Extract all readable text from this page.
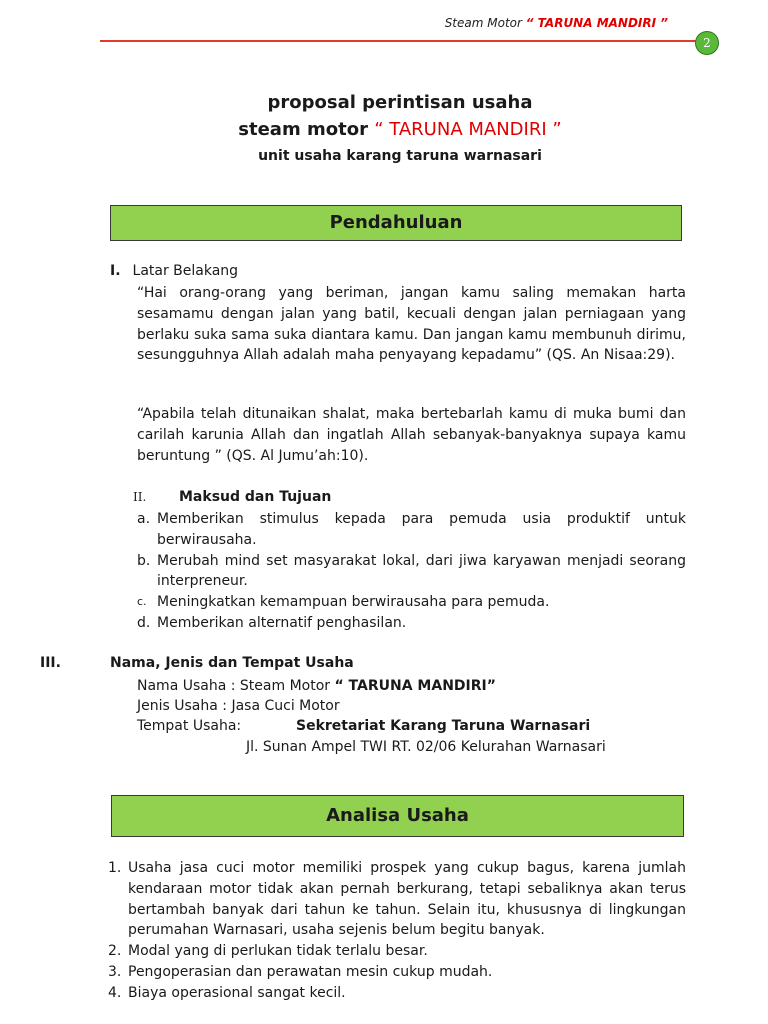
Steam Motor “ TARUNA MANDIRI ”
2
proposal perintisan usaha
steam motor “ TARUNA MANDIRI ”
unit usaha karang taruna warnasari
Pendahuluan
I. Latar Belakang
“Hai orang-orang yang beriman, jangan kamu saling memakan harta sesamamu dengan jalan yang batil, kecuali dengan jalan perniagaan yang berlaku suka sama suka diantara kamu. Dan jangan kamu membunuh dirimu, sesungguhnya Allah adalah maha penyayang kepadamu” (QS. An Nisaa:29).
“Apabila telah ditunaikan shalat, maka bertebarlah kamu di muka bumi dan carilah karunia Allah dan ingatlah Allah sebanyak-banyaknya supaya kamu beruntung ” (QS. Al Jumu’ah:10).
II. Maksud dan Tujuan
a. Memberikan stimulus kepada para pemuda usia produktif untuk berwirausaha.
b. Merubah mind set masyarakat lokal, dari jiwa karyawan menjadi seorang interpreneur.
c. Meningkatkan kemampuan berwirausaha para pemuda.
d. Memberikan alternatif penghasilan.
III.	Nama, Jenis dan Tempat Usaha
Nama Usaha : Steam Motor “ TARUNA MANDIRI”
Jenis Usaha : Jasa Cuci Motor
Tempat Usaha:	Sekretariat Karang Taruna Warnasari
Jl. Sunan Ampel TWI RT. 02/06 Kelurahan Warnasari
Analisa Usaha
1. Usaha jasa cuci motor memiliki prospek yang cukup bagus, karena jumlah kendaraan motor tidak akan pernah berkurang, tetapi sebaliknya akan terus bertambah banyak dari tahun ke tahun. Selain itu, khususnya di lingkungan perumahan Warnasari, usaha sejenis belum begitu banyak.
2. Modal yang di perlukan tidak terlalu besar.
3. Pengoperasian dan perawatan mesin cukup mudah.
4. Biaya operasional sangat kecil.
